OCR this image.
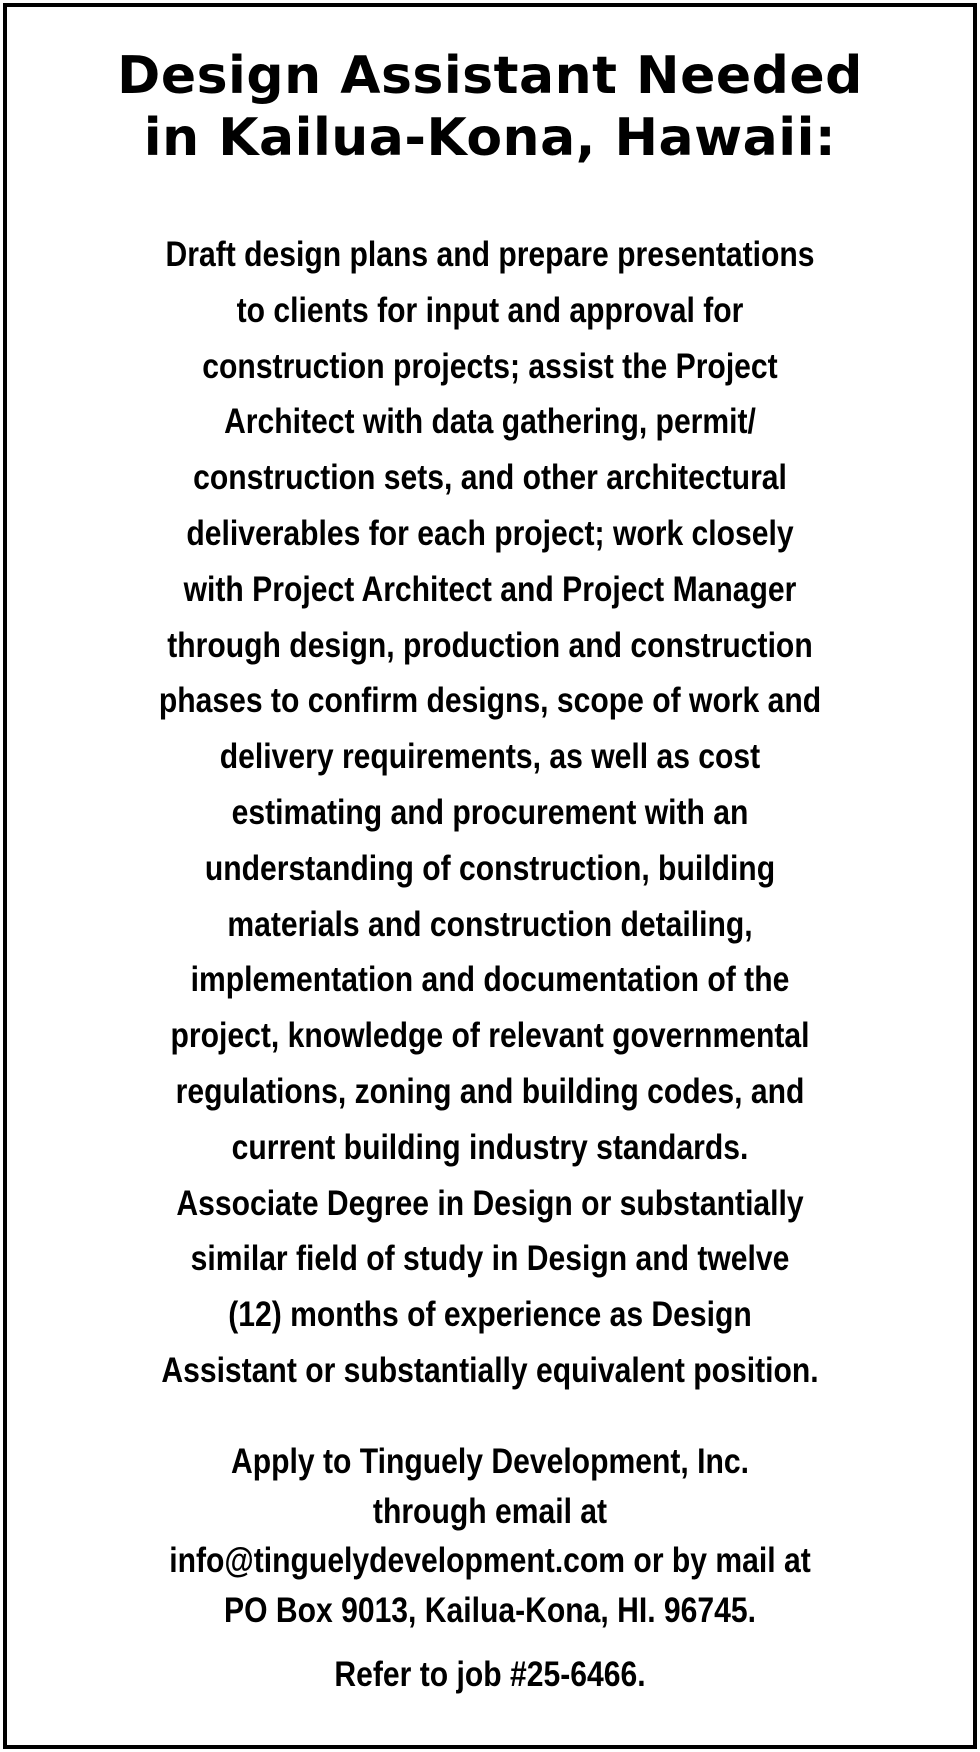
Design Assistant Needed
in Kailua-Kona, Hawaii:
Draft design plans and prepare presentations
to clients for input and approval for
construction projects; assist the Project
Architect with data gathering, permit/
construction sets, and other architectural
deliverables for each project; work closely
with Project Architect and Project Manager
through design, production and construction
phases to confirm designs, scope of work and
delivery requirements, as well as cost
estimating and procurement with an
understanding of construction, building
materials and construction detailing,
implementation and documentation of the
project, knowledge of relevant governmental
regulations, zoning and building codes, and
current building industry standards.
Associate Degree in Design or substantially
similar field of study in Design and twelve
(12) months of experience as Design
Assistant or substantially equivalent position.
Apply to Tinguely Development, Inc.
through email at
info@tinguelydevelopment.com or by mail at
PO Box 9013, Kailua-Kona, HI. 96745.
Refer to job #25-6466.
